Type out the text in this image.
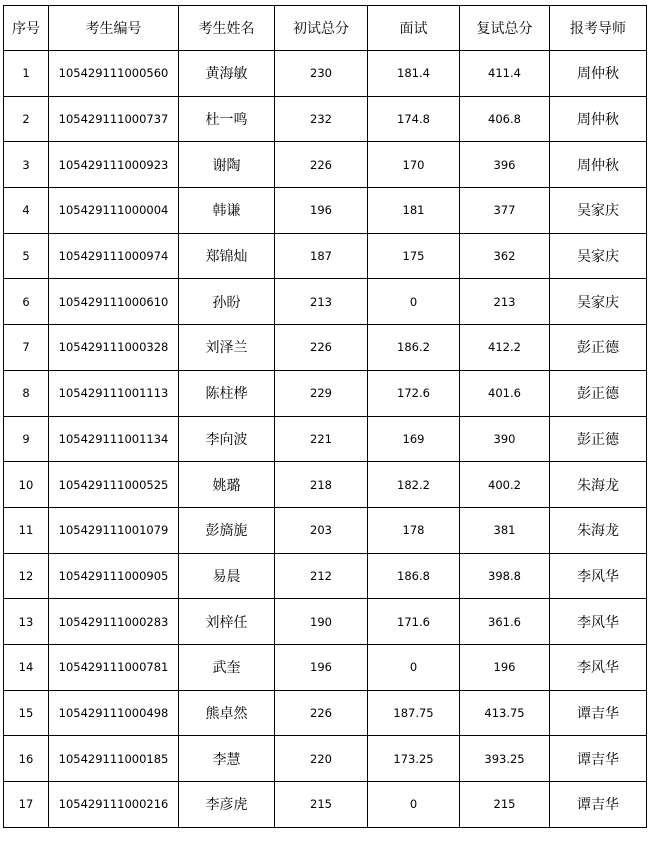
序号	考生编号	考生姓名	初试总分	面试	复试总分	报考导师
1	105429111000560	黄海敏	230	181.4	411.4	周仲秋
2	105429111000737	杜一鸣	232	174.8	406.8	周仲秋
3	105429111000923	谢陶	226	170	396	周仲秋
4	105429111000004	韩谦	196	181	377	吴家庆
5	105429111000974	郑锦灿	187	175	362	吴家庆
6	105429111000610	孙盼	213	0	213	吴家庆
7	105429111000328	刘泽兰	226	186.2	412.2	彭正德
8	105429111001113	陈柱桦	229	172.6	401.6	彭正德
9	105429111001134	李向波	221	169	390	彭正德
10	105429111000525	姚璐	218	182.2	400.2	朱海龙
11	105429111001079	彭旖旎	203	178	381	朱海龙
12	105429111000905	易晨	212	186.8	398.8	李风华
13	105429111000283	刘梓任	190	171.6	361.6	李风华
14	105429111000781	武奎	196	0	196	李风华
15	105429111000498	熊卓然	226	187.75	413.75	谭吉华
16	105429111000185	李慧	220	173.25	393.25	谭吉华
17	105429111000216	李彦虎	215	0	215	谭吉华
